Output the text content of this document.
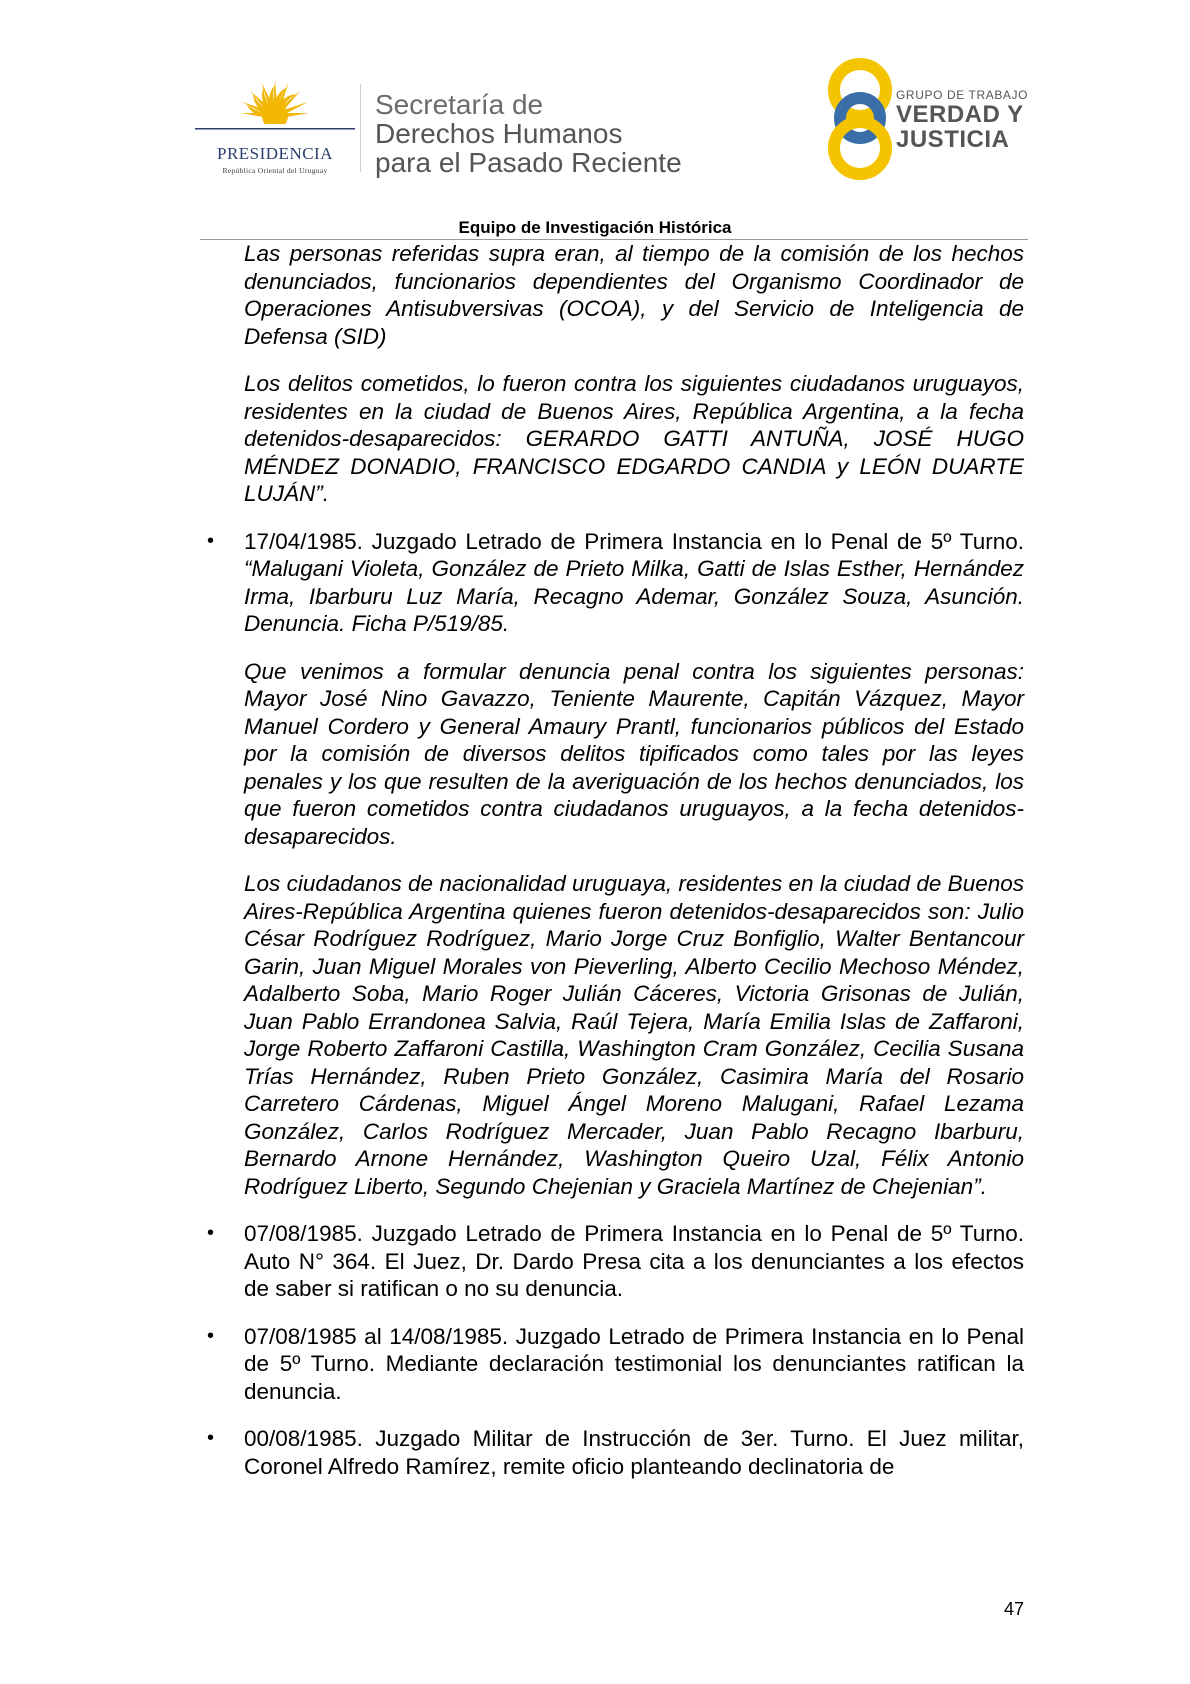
PRESIDENCIA
República Oriental del Uruguay
Secretaría de
Derechos Humanos
para el Pasado Reciente
GRUPO DE TRABAJO
VERDAD Y
JUSTICIA
Equipo de Investigación Histórica

Las personas referidas supra eran, al tiempo de la comisión de los hechos denunciados, funcionarios dependientes del Organismo Coordinador de Operaciones Antisubversivas (OCOA), y del Servicio de Inteligencia de Defensa (SID)

Los delitos cometidos, lo fueron contra los siguientes ciudadanos uruguayos, residentes en la ciudad de Buenos Aires, República Argentina, a la fecha detenidos-desaparecidos: GERARDO GATTI ANTUÑA, JOSÉ HUGO MÉNDEZ DONADIO, FRANCISCO EDGARDO CANDIA y LEÓN DUARTE LUJÁN”.

• 17/04/1985. Juzgado Letrado de Primera Instancia en lo Penal de 5º Turno. “Malugani Violeta, González de Prieto Milka, Gatti de Islas Esther, Hernández Irma, Ibarburu Luz María, Recagno Ademar, González Souza, Asunción. Denuncia. Ficha P/519/85.

Que venimos a formular denuncia penal contra los siguientes personas: Mayor José Nino Gavazzo, Teniente Maurente, Capitán Vázquez, Mayor Manuel Cordero y General Amaury Prantl, funcionarios públicos del Estado por la comisión de diversos delitos tipificados como tales por las leyes penales y los que resulten de la averiguación de los hechos denunciados, los que fueron cometidos contra ciudadanos uruguayos, a la fecha detenidos-desaparecidos.

Los ciudadanos de nacionalidad uruguaya, residentes en la ciudad de Buenos Aires-República Argentina quienes fueron detenidos-desaparecidos son: Julio César Rodríguez Rodríguez, Mario Jorge Cruz Bonfiglio, Walter Bentancour Garin, Juan Miguel Morales von Pieverling, Alberto Cecilio Mechoso Méndez, Adalberto Soba, Mario Roger Julián Cáceres, Victoria Grisonas de Julián, Juan Pablo Errandonea Salvia, Raúl Tejera, María Emilia Islas de Zaffaroni, Jorge Roberto Zaffaroni Castilla, Washington Cram González, Cecilia Susana Trías Hernández, Ruben Prieto González, Casimira María del Rosario Carretero Cárdenas, Miguel Ángel Moreno Malugani, Rafael Lezama González, Carlos Rodríguez Mercader, Juan Pablo Recagno Ibarburu, Bernardo Arnone Hernández, Washington Queiro Uzal, Félix Antonio Rodríguez Liberto, Segundo Chejenian y Graciela Martínez de Chejenian”.

• 07/08/1985. Juzgado Letrado de Primera Instancia en lo Penal de 5º Turno. Auto N° 364. El Juez, Dr. Dardo Presa cita a los denunciantes a los efectos de saber si ratifican o no su denuncia.

• 07/08/1985 al 14/08/1985. Juzgado Letrado de Primera Instancia en lo Penal de 5º Turno. Mediante declaración testimonial los denunciantes ratifican la denuncia.

• 00/08/1985. Juzgado Militar de Instrucción de 3er. Turno. El Juez militar, Coronel Alfredo Ramírez, remite oficio planteando declinatoria de

47
